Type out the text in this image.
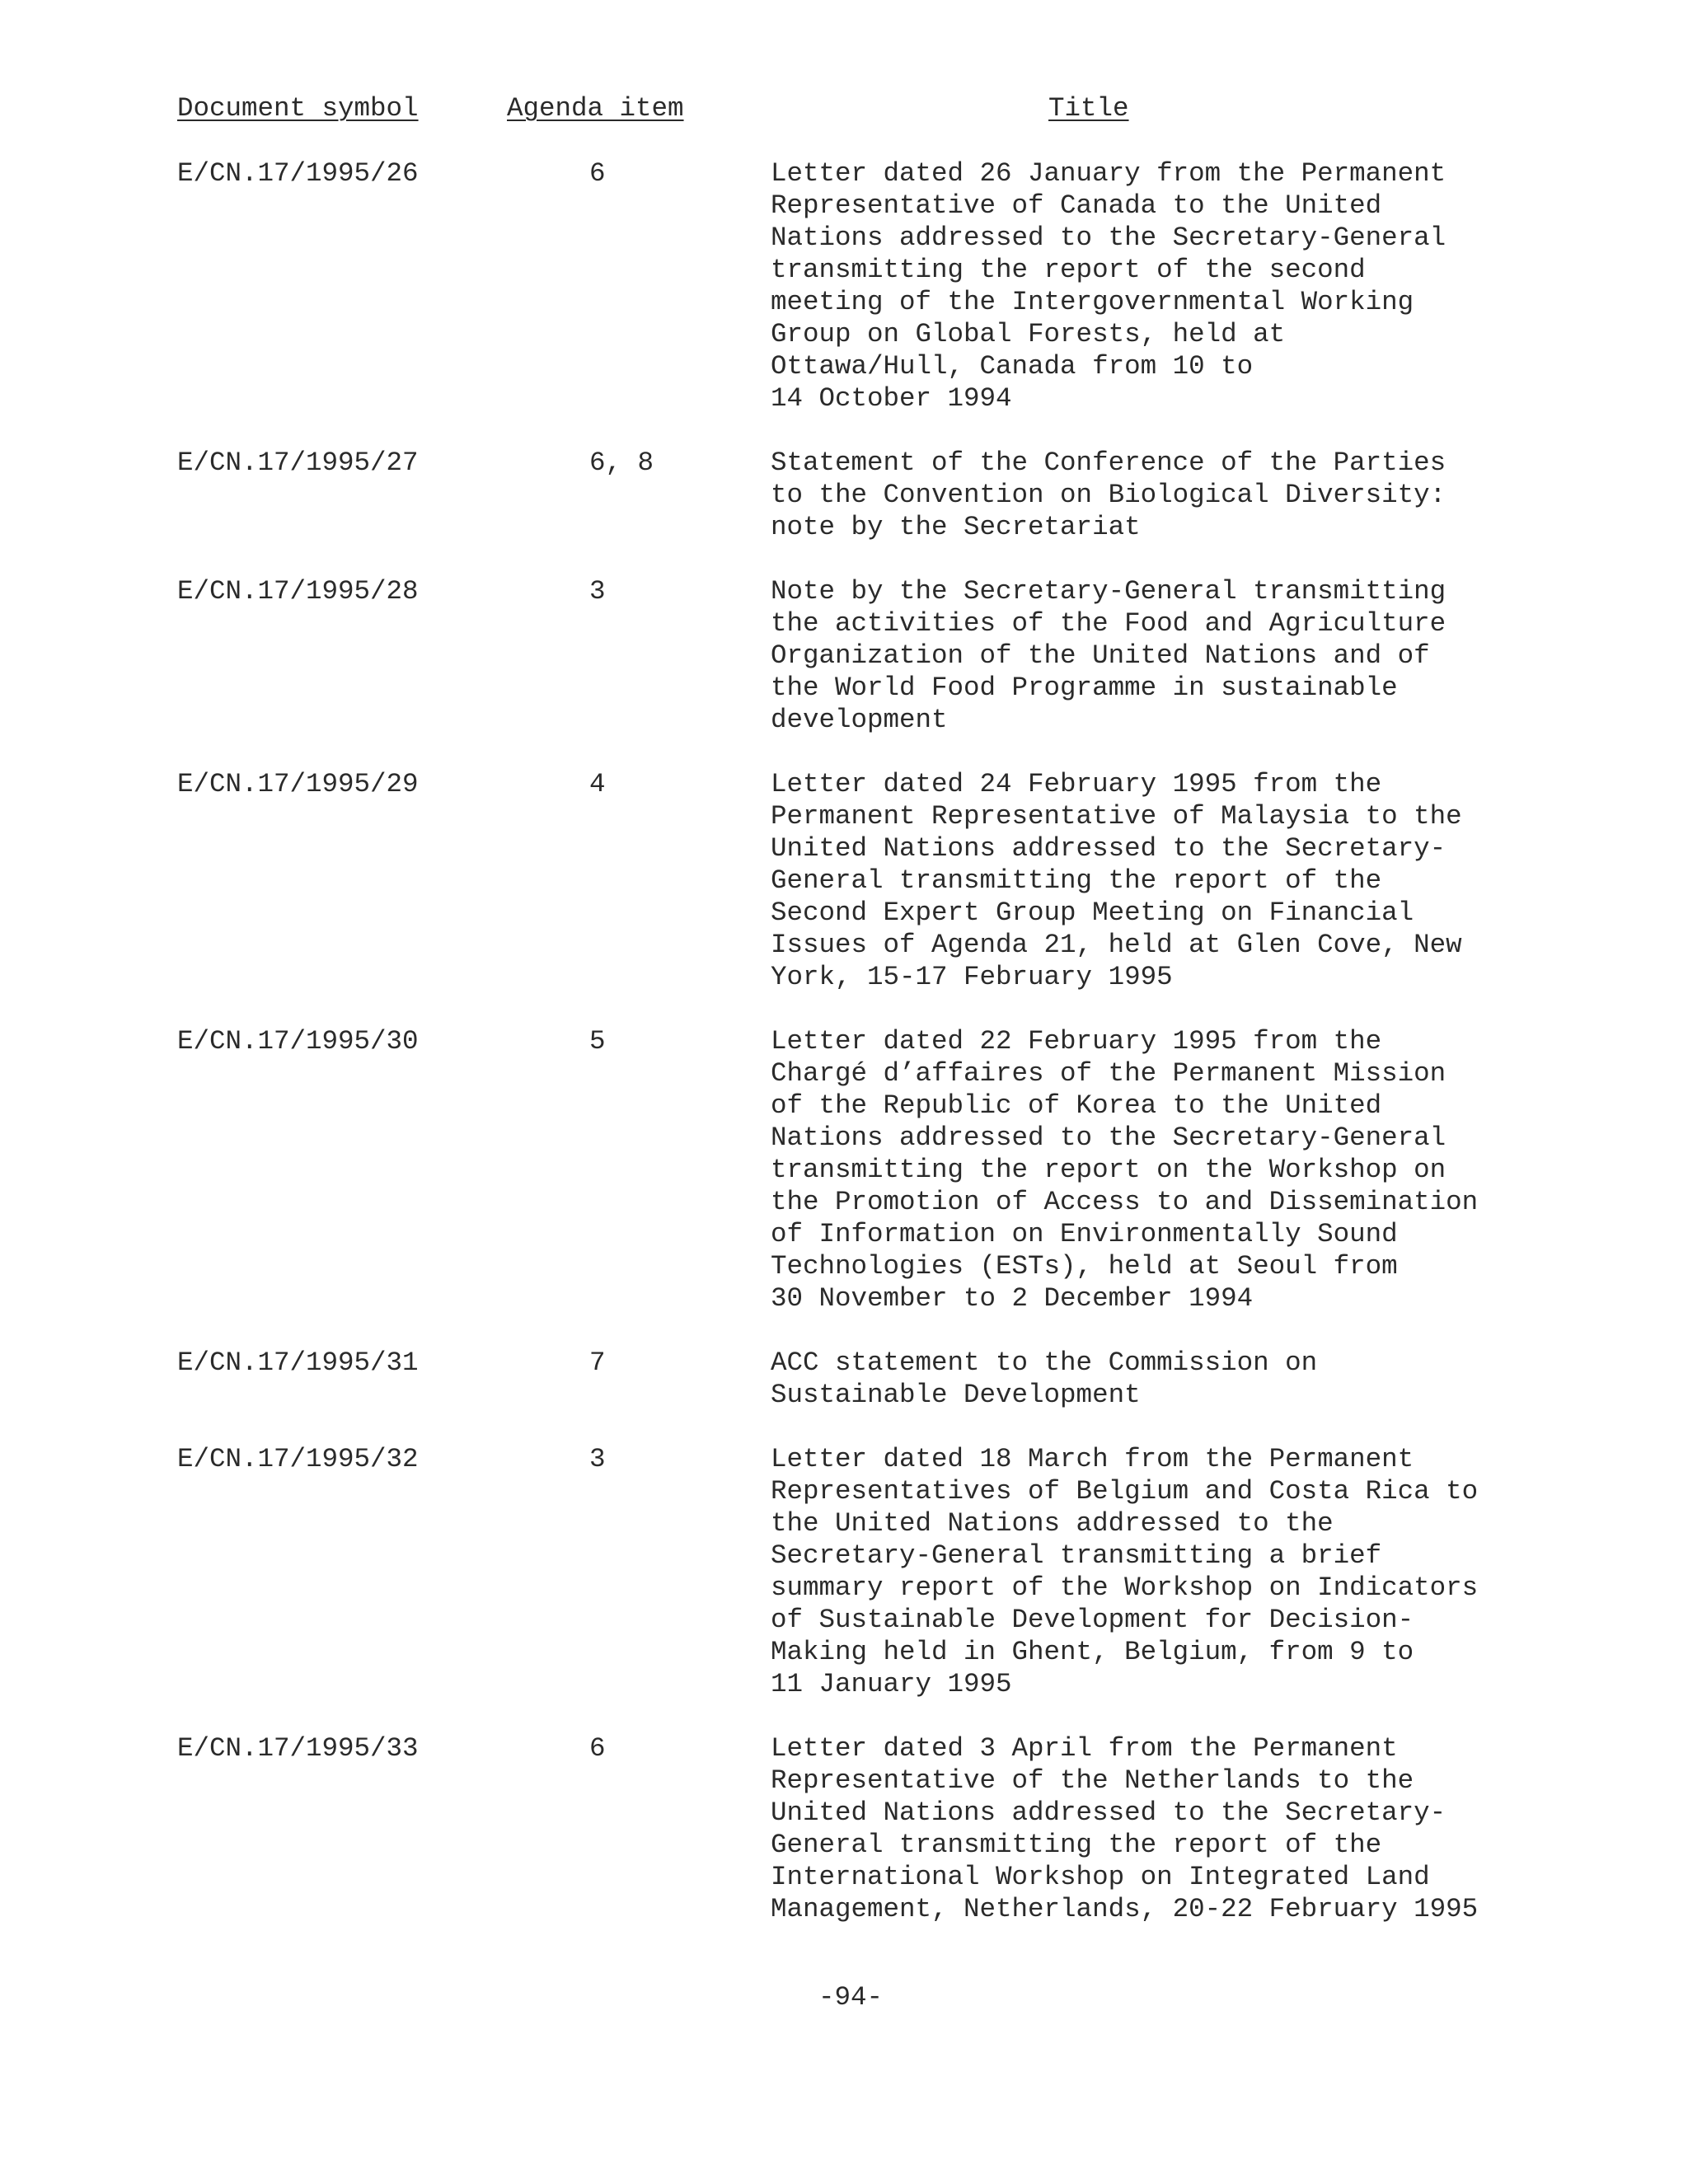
Document symbol	Agenda item	Title
E/CN.17/1995/26	6	Letter dated 26 January from the Permanent
Representative of Canada to the United
Nations addressed to the Secretary-General
transmitting the report of the second
meeting of the Intergovernmental Working
Group on Global Forests, held at
Ottawa/Hull, Canada from 10 to
14 October 1994
E/CN.17/1995/27	6, 8	Statement of the Conference of the Parties
to the Convention on Biological Diversity:
note by the Secretariat
E/CN.17/1995/28	3	Note by the Secretary-General transmitting
the activities of the Food and Agriculture
Organization of the United Nations and of
the World Food Programme in sustainable
development
E/CN.17/1995/29	4	Letter dated 24 February 1995 from the
Permanent Representative of Malaysia to the
United Nations addressed to the Secretary-
General transmitting the report of the
Second Expert Group Meeting on Financial
Issues of Agenda 21, held at Glen Cove, New
York, 15-17 February 1995
E/CN.17/1995/30	5	Letter dated 22 February 1995 from the
Chargé d’affaires of the Permanent Mission
of the Republic of Korea to the United
Nations addressed to the Secretary-General
transmitting the report on the Workshop on
the Promotion of Access to and Dissemination
of Information on Environmentally Sound
Technologies (ESTs), held at Seoul from
30 November to 2 December 1994
E/CN.17/1995/31	7	ACC statement to the Commission on
Sustainable Development
E/CN.17/1995/32	3	Letter dated 18 March from the Permanent
Representatives of Belgium and Costa Rica to
the United Nations addressed to the
Secretary-General transmitting a brief
summary report of the Workshop on Indicators
of Sustainable Development for Decision-
Making held in Ghent, Belgium, from 9 to
11 January 1995
E/CN.17/1995/33	6	Letter dated 3 April from the Permanent
Representative of the Netherlands to the
United Nations addressed to the Secretary-
General transmitting the report of the
International Workshop on Integrated Land
Management, Netherlands, 20-22 February 1995
-94-
